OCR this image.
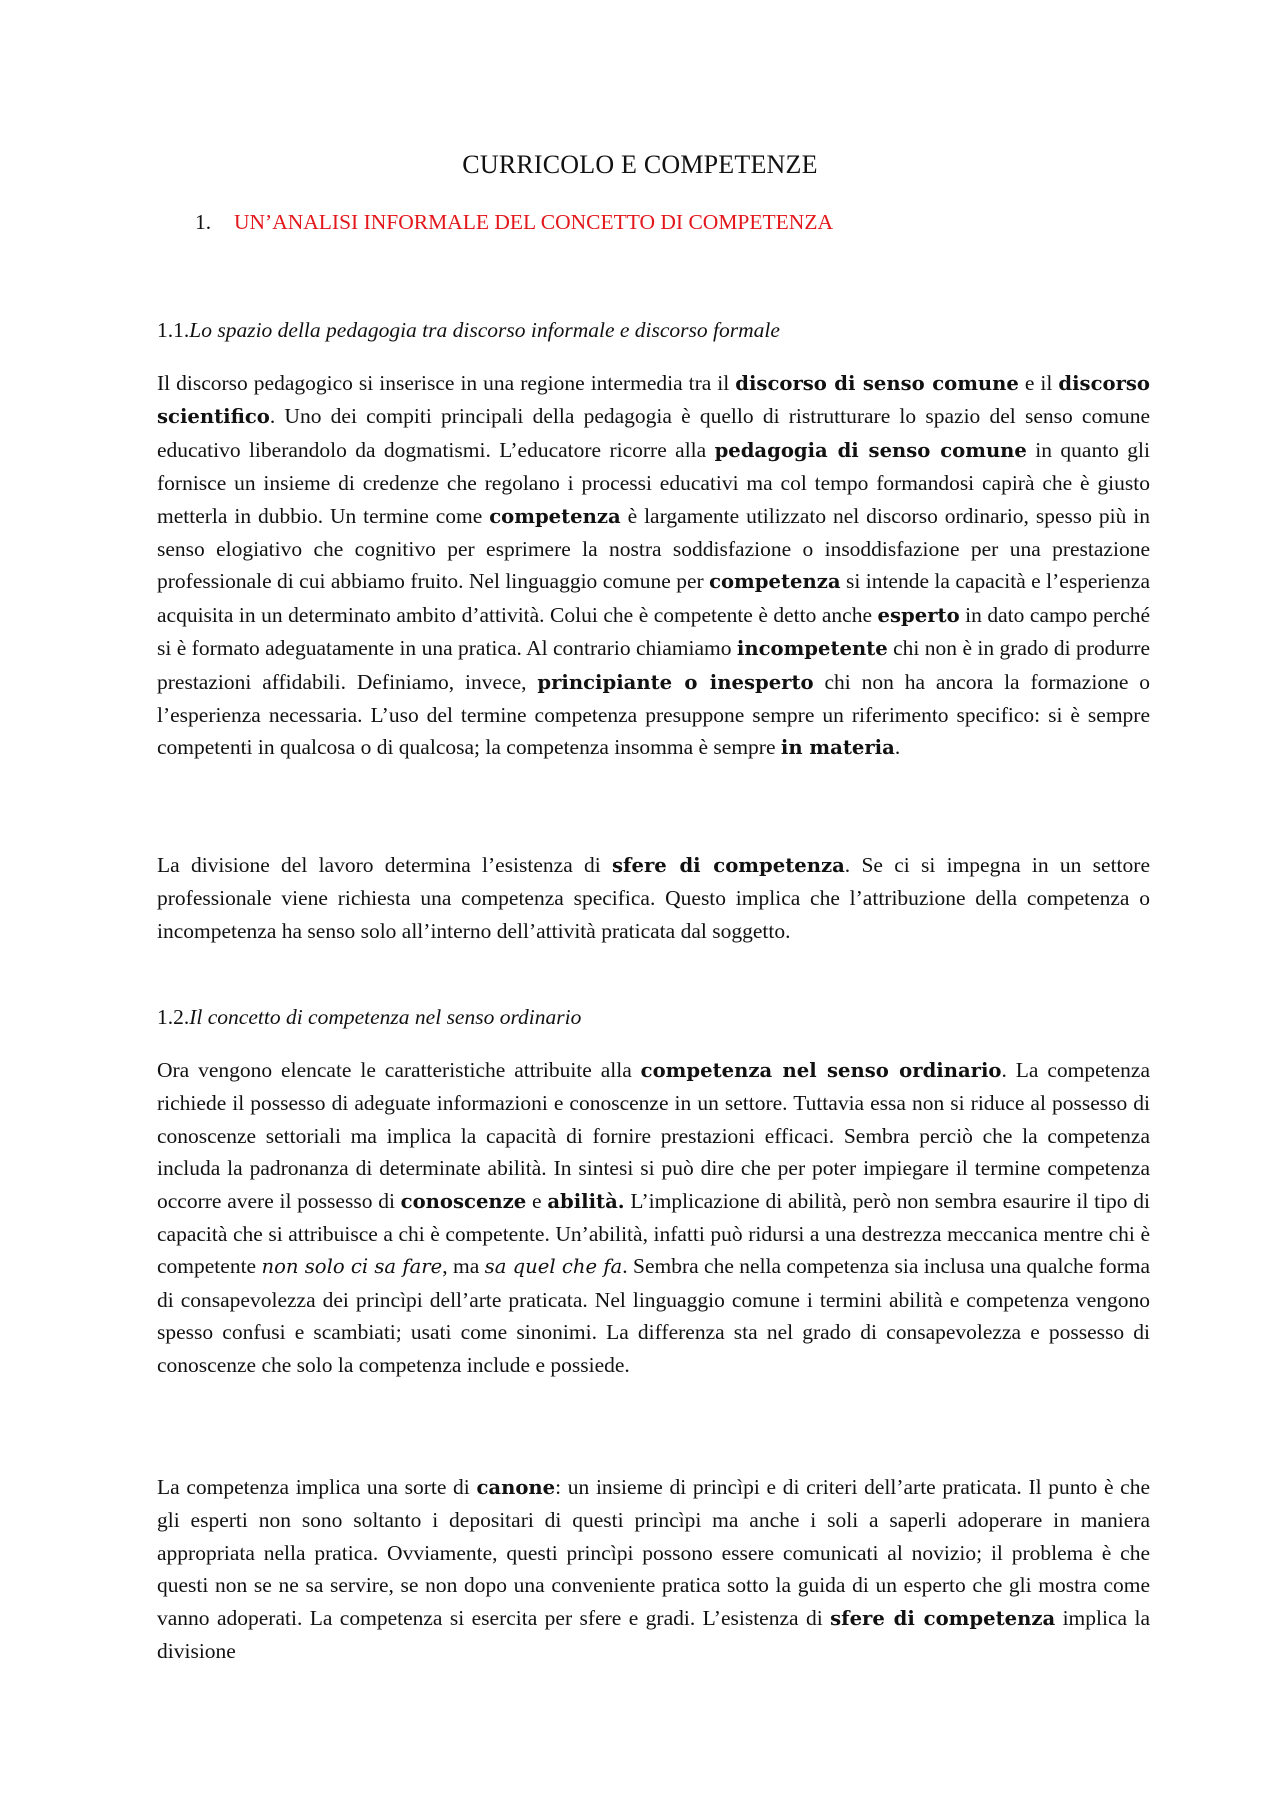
CURRICOLO E COMPETENZE
1. UN’ANALISI INFORMALE DEL CONCETTO DI COMPETENZA
1.1.Lo spazio della pedagogia tra discorso informale e discorso formale

Il discorso pedagogico si inserisce in una regione intermedia tra il discorso di senso comune e il discorso scientifico. Uno dei compiti principali della pedagogia è quello di ristrutturare lo spazio del senso comune educativo liberandolo da dogmatismi. L’educatore ricorre alla pedagogia di senso comune in quanto gli fornisce un insieme di credenze che regolano i processi educativi ma col tempo formandosi capirà che è giusto metterla in dubbio. Un termine come competenza è largamente utilizzato nel discorso ordinario, spesso più in senso elogiativo che cognitivo per esprimere la nostra soddisfazione o insoddisfazione per una prestazione professionale di cui abbiamo fruito. Nel linguaggio comune per competenza si intende la capacità e l’esperienza acquisita in un determinato ambito d’attività. Colui che è competente è detto anche esperto in dato campo perché si è formato adeguatamente in una pratica. Al contrario chiamiamo incompetente chi non è in grado di produrre prestazioni affidabili. Definiamo, invece, principiante o inesperto chi non ha ancora la formazione o l’esperienza necessaria. L’uso del termine competenza presuppone sempre un riferimento specifico: si è sempre competenti in qualcosa o di qualcosa; la competenza insomma è sempre in materia.

La divisione del lavoro determina l’esistenza di sfere di competenza. Se ci si impegna in un settore professionale viene richiesta una competenza specifica. Questo implica che l’attribuzione della competenza o incompetenza ha senso solo all’interno dell’attività praticata dal soggetto.

1.2.Il concetto di competenza nel senso ordinario

Ora vengono elencate le caratteristiche attribuite alla competenza nel senso ordinario. La competenza richiede il possesso di adeguate informazioni e conoscenze in un settore. Tuttavia essa non si riduce al possesso di conoscenze settoriali ma implica la capacità di fornire prestazioni efficaci. Sembra perciò che la competenza includa la padronanza di determinate abilità. In sintesi si può dire che per poter impiegare il termine competenza occorre avere il possesso di conoscenze e abilità. L’implicazione di abilità, però non sembra esaurire il tipo di capacità che si attribuisce a chi è competente. Un’abilità, infatti può ridursi a una destrezza meccanica mentre chi è competente non solo ci sa fare, ma sa quel che fa. Sembra che nella competenza sia inclusa una qualche forma di consapevolezza dei princìpi dell’arte praticata. Nel linguaggio comune i termini abilità e competenza vengono spesso confusi e scambiati; usati come sinonimi. La differenza sta nel grado di consapevolezza e possesso di conoscenze che solo la competenza include e possiede.

La competenza implica una sorte di canone: un insieme di princìpi e di criteri dell’arte praticata. Il punto è che gli esperti non sono soltanto i depositari di questi princìpi ma anche i soli a saperli adoperare in maniera appropriata nella pratica. Ovviamente, questi princìpi possono essere comunicati al novizio; il problema è che questi non se ne sa servire, se non dopo una conveniente pratica sotto la guida di un esperto che gli mostra come vanno adoperati. La competenza si esercita per sfere e gradi. L’esistenza di sfere di competenza implica la divisione
